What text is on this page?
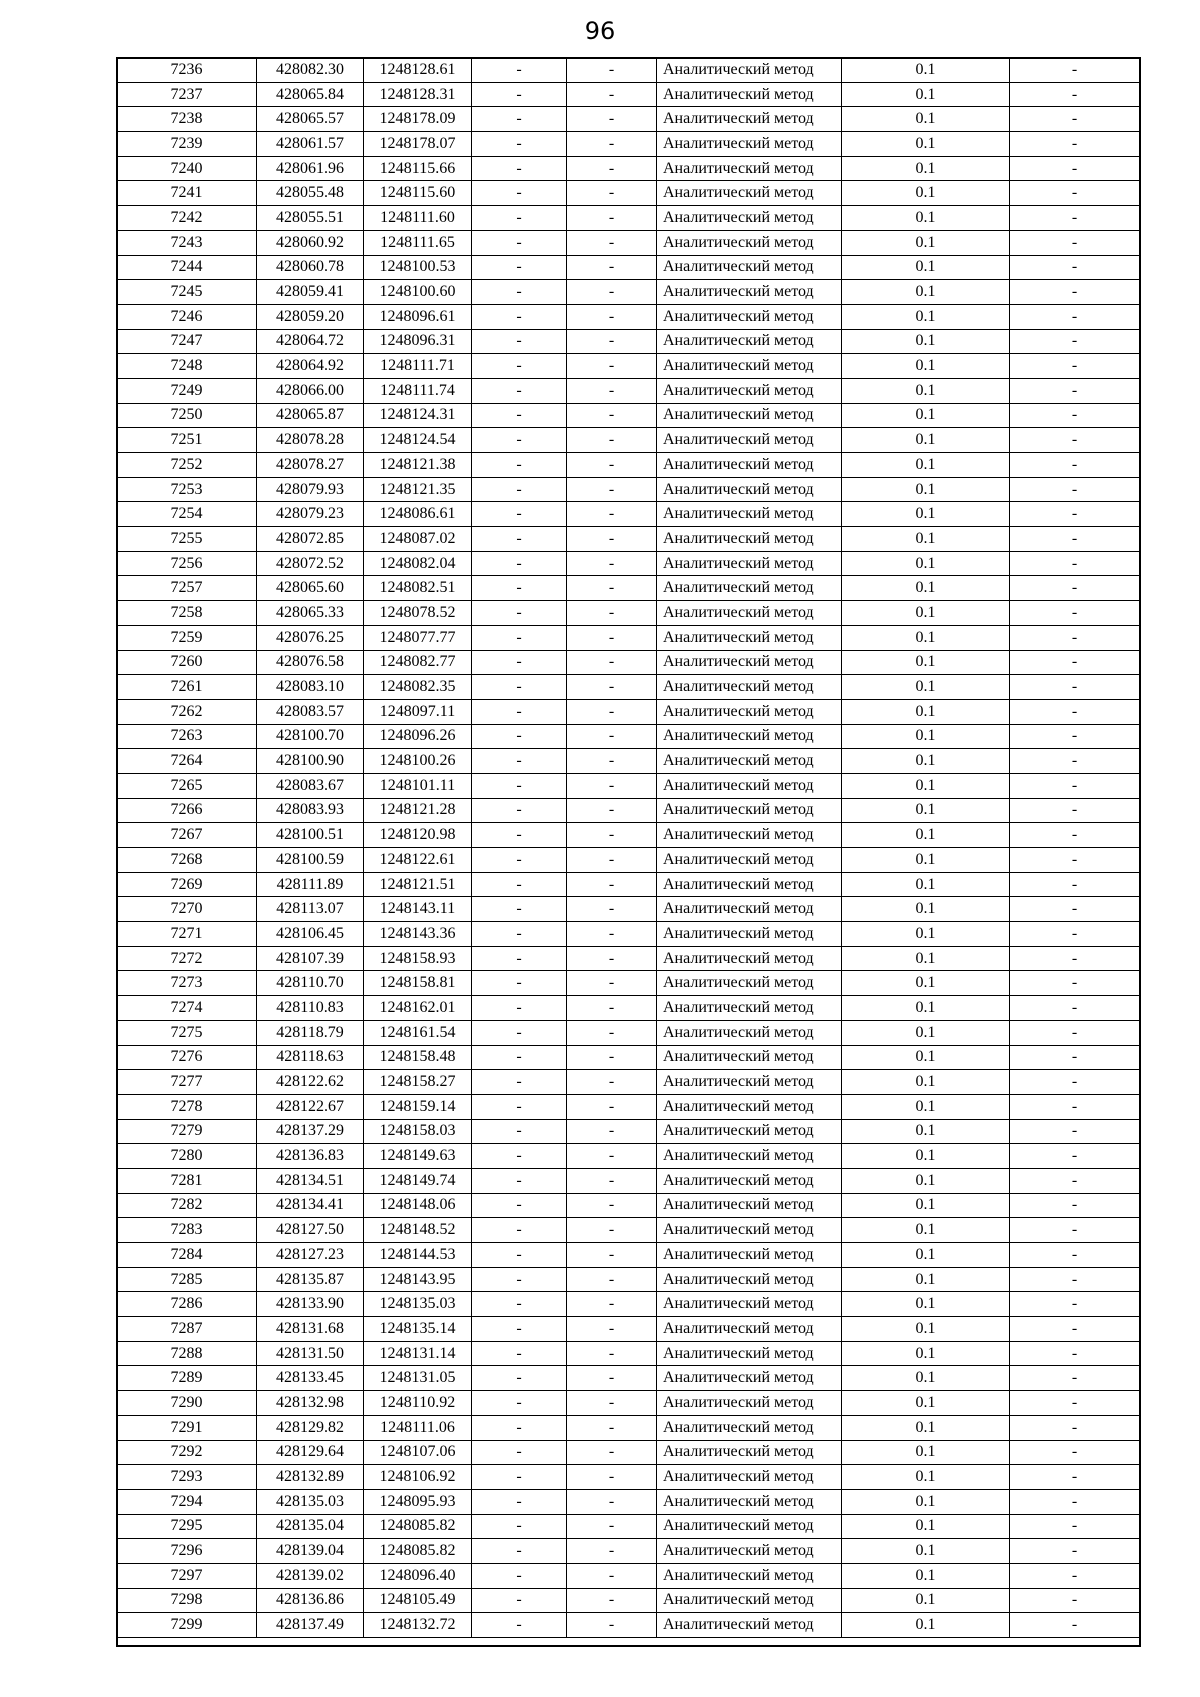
96
7236	428082.30	1248128.61	-	-	Аналитический метод	0.1	-
7237	428065.84	1248128.31	-	-	Аналитический метод	0.1	-
7238	428065.57	1248178.09	-	-	Аналитический метод	0.1	-
7239	428061.57	1248178.07	-	-	Аналитический метод	0.1	-
7240	428061.96	1248115.66	-	-	Аналитический метод	0.1	-
7241	428055.48	1248115.60	-	-	Аналитический метод	0.1	-
7242	428055.51	1248111.60	-	-	Аналитический метод	0.1	-
7243	428060.92	1248111.65	-	-	Аналитический метод	0.1	-
7244	428060.78	1248100.53	-	-	Аналитический метод	0.1	-
7245	428059.41	1248100.60	-	-	Аналитический метод	0.1	-
7246	428059.20	1248096.61	-	-	Аналитический метод	0.1	-
7247	428064.72	1248096.31	-	-	Аналитический метод	0.1	-
7248	428064.92	1248111.71	-	-	Аналитический метод	0.1	-
7249	428066.00	1248111.74	-	-	Аналитический метод	0.1	-
7250	428065.87	1248124.31	-	-	Аналитический метод	0.1	-
7251	428078.28	1248124.54	-	-	Аналитический метод	0.1	-
7252	428078.27	1248121.38	-	-	Аналитический метод	0.1	-
7253	428079.93	1248121.35	-	-	Аналитический метод	0.1	-
7254	428079.23	1248086.61	-	-	Аналитический метод	0.1	-
7255	428072.85	1248087.02	-	-	Аналитический метод	0.1	-
7256	428072.52	1248082.04	-	-	Аналитический метод	0.1	-
7257	428065.60	1248082.51	-	-	Аналитический метод	0.1	-
7258	428065.33	1248078.52	-	-	Аналитический метод	0.1	-
7259	428076.25	1248077.77	-	-	Аналитический метод	0.1	-
7260	428076.58	1248082.77	-	-	Аналитический метод	0.1	-
7261	428083.10	1248082.35	-	-	Аналитический метод	0.1	-
7262	428083.57	1248097.11	-	-	Аналитический метод	0.1	-
7263	428100.70	1248096.26	-	-	Аналитический метод	0.1	-
7264	428100.90	1248100.26	-	-	Аналитический метод	0.1	-
7265	428083.67	1248101.11	-	-	Аналитический метод	0.1	-
7266	428083.93	1248121.28	-	-	Аналитический метод	0.1	-
7267	428100.51	1248120.98	-	-	Аналитический метод	0.1	-
7268	428100.59	1248122.61	-	-	Аналитический метод	0.1	-
7269	428111.89	1248121.51	-	-	Аналитический метод	0.1	-
7270	428113.07	1248143.11	-	-	Аналитический метод	0.1	-
7271	428106.45	1248143.36	-	-	Аналитический метод	0.1	-
7272	428107.39	1248158.93	-	-	Аналитический метод	0.1	-
7273	428110.70	1248158.81	-	-	Аналитический метод	0.1	-
7274	428110.83	1248162.01	-	-	Аналитический метод	0.1	-
7275	428118.79	1248161.54	-	-	Аналитический метод	0.1	-
7276	428118.63	1248158.48	-	-	Аналитический метод	0.1	-
7277	428122.62	1248158.27	-	-	Аналитический метод	0.1	-
7278	428122.67	1248159.14	-	-	Аналитический метод	0.1	-
7279	428137.29	1248158.03	-	-	Аналитический метод	0.1	-
7280	428136.83	1248149.63	-	-	Аналитический метод	0.1	-
7281	428134.51	1248149.74	-	-	Аналитический метод	0.1	-
7282	428134.41	1248148.06	-	-	Аналитический метод	0.1	-
7283	428127.50	1248148.52	-	-	Аналитический метод	0.1	-
7284	428127.23	1248144.53	-	-	Аналитический метод	0.1	-
7285	428135.87	1248143.95	-	-	Аналитический метод	0.1	-
7286	428133.90	1248135.03	-	-	Аналитический метод	0.1	-
7287	428131.68	1248135.14	-	-	Аналитический метод	0.1	-
7288	428131.50	1248131.14	-	-	Аналитический метод	0.1	-
7289	428133.45	1248131.05	-	-	Аналитический метод	0.1	-
7290	428132.98	1248110.92	-	-	Аналитический метод	0.1	-
7291	428129.82	1248111.06	-	-	Аналитический метод	0.1	-
7292	428129.64	1248107.06	-	-	Аналитический метод	0.1	-
7293	428132.89	1248106.92	-	-	Аналитический метод	0.1	-
7294	428135.03	1248095.93	-	-	Аналитический метод	0.1	-
7295	428135.04	1248085.82	-	-	Аналитический метод	0.1	-
7296	428139.04	1248085.82	-	-	Аналитический метод	0.1	-
7297	428139.02	1248096.40	-	-	Аналитический метод	0.1	-
7298	428136.86	1248105.49	-	-	Аналитический метод	0.1	-
7299	428137.49	1248132.72	-	-	Аналитический метод	0.1	-
